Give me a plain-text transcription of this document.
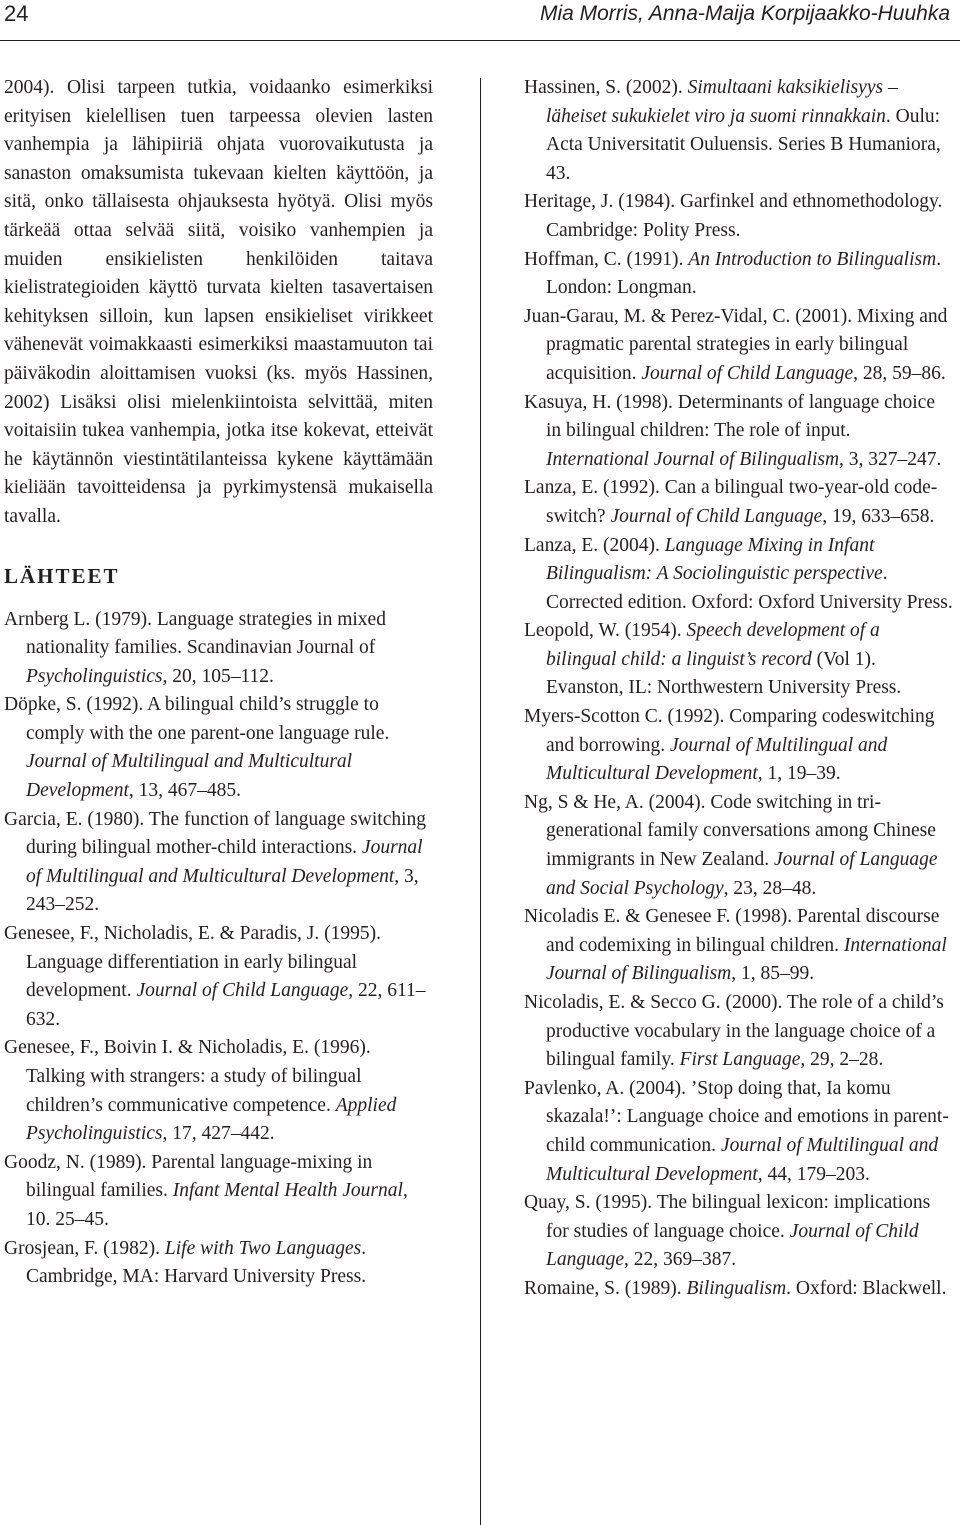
24	Mia Morris, Anna-Maija Korpijaakko-Huuhka

2004). Olisi tarpeen tutkia, voidaanko esimerkiksi erityisen kielellisen tuen tarpeessa olevien lasten vanhempia ja lähipiiriä ohjata vuorovaikutusta ja sanaston omaksumista tukevaan kielten käyttöön, ja sitä, onko tällaisesta ohjauksesta hyötyä. Olisi myös tärkeää ottaa selvää siitä, voisiko vanhempien ja muiden ensikielisten henkilöiden taitava kielistrategioiden käyttö turvata kielten tasavertaisen kehityksen silloin, kun lapsen ensikieliset virikkeet vähenevät voimakkaasti esimerkiksi maastamuuton tai päiväkodin aloittamisen vuoksi (ks. myös Hassinen, 2002) Lisäksi olisi mielenkiintoista selvittää, miten voitaisiin tukea vanhempia, jotka itse kokevat, etteivät he käytännön viestintätilanteissa kykene käyttämään kieliään tavoitteidensa ja pyrkimystensä mukaisella tavalla.

LÄHTEET

Arnberg L. (1979). Language strategies in mixed nationality families. Scandinavian Journal of Psycholinguistics, 20, 105–112.

Döpke, S. (1992). A bilingual child’s struggle to comply with the one parent-one language rule. Journal of Multilingual and Multicultural Development, 13, 467–485.

Garcia, E. (1980). The function of language switching during bilingual mother-child interactions. Journal of Multilingual and Multicultural Development, 3, 243–252.

Genesee, F., Nicholadis, E. & Paradis, J. (1995). Language differentiation in early bilingual development. Journal of Child Language, 22, 611–632.

Genesee, F., Boivin I. & Nicholadis, E. (1996). Talking with strangers: a study of bilingual children’s communicative competence. Applied Psycholinguistics, 17, 427–442.

Goodz, N. (1989). Parental language-mixing in bilingual families. Infant Mental Health Journal, 10. 25–45.

Grosjean, F. (1982). Life with Two Languages. Cambridge, MA: Harvard University Press.

Hassinen, S. (2002). Simultaani kaksikielisyys – läheiset sukukielet viro ja suomi rinnakkain. Oulu: Acta Universitatit Ouluensis. Series B Humaniora, 43.

Heritage, J. (1984). Garfinkel and ethnomethodology. Cambridge: Polity Press.

Hoffman, C. (1991). An Introduction to Bilingualism. London: Longman.

Juan-Garau, M. & Perez-Vidal, C. (2001). Mixing and pragmatic parental strategies in early bilingual acquisition. Journal of Child Language, 28, 59–86.

Kasuya, H. (1998). Determinants of language choice in bilingual children: The role of input. International Journal of Bilingualism, 3, 327–247.

Lanza, E. (1992). Can a bilingual two-year-old code-switch? Journal of Child Language, 19, 633–658.

Lanza, E. (2004). Language Mixing in Infant Bilingualism: A Sociolinguistic perspective. Corrected edition. Oxford: Oxford University Press.

Leopold, W. (1954). Speech development of a bilingual child: a linguist’s record (Vol 1). Evanston, IL: Northwestern University Press.

Myers-Scotton C. (1992). Comparing codeswitching and borrowing. Journal of Multilingual and Multicultural Development, 1, 19–39.

Ng, S & He, A. (2004). Code switching in tri-generational family conversations among Chinese immigrants in New Zealand. Journal of Language and Social Psychology, 23, 28–48.

Nicoladis E. & Genesee F. (1998). Parental discourse and codemixing in bilingual children. International Journal of Bilingualism, 1, 85–99.

Nicoladis, E. & Secco G. (2000). The role of a child’s productive vocabulary in the language choice of a bilingual family. First Language, 29, 2–28.

Pavlenko, A. (2004). ’Stop doing that, Ia komu skazala!’: Language choice and emotions in parent-child communication. Journal of Multilingual and Multicultural Development, 44, 179–203.

Quay, S. (1995). The bilingual lexicon: implications for studies of language choice. Journal of Child Language, 22, 369–387.

Romaine, S. (1989). Bilingualism. Oxford: Blackwell.
